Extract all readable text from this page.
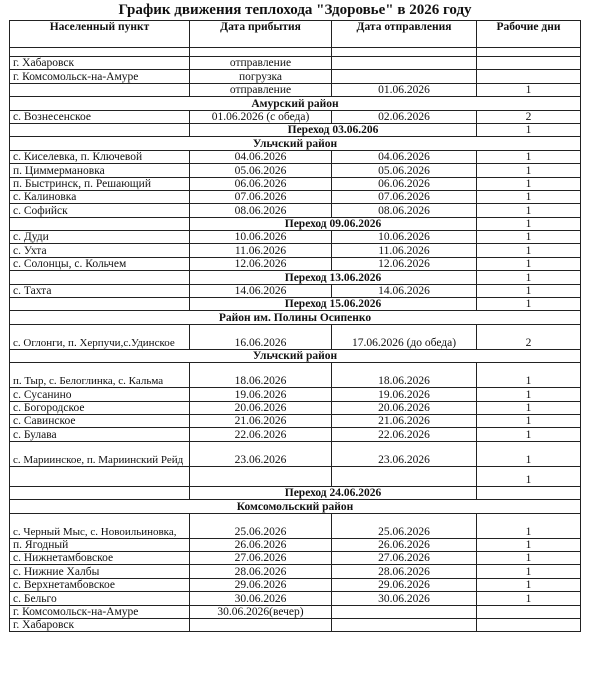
График движения теплохода "Здоровье" в 2026 году
Населенный пункт	Дата прибытия	Дата отправления	Рабочие дни

г. Хабаровск	отправление		
г. Комсомольск-на-Амуре	погрузка		
	отправление	01.06.2026	1
Амурский район			
с. Вознесенское	01.06.2026 (с обеда)	02.06.2026	2
	Переход 03.06.206		1
Ульчский район			
с. Киселевка, п. Ключевой	04.06.2026	04.06.2026	1
п. Циммермановка	05.06.2026	05.06.2026	1
п. Быстринск, п. Решающий	06.06.2026	06.06.2026	1
с. Калиновка	07.06.2026	07.06.2026	1
с. Софийск	08.06.2026	08.06.2026	1
	Переход 09.06.2026		1
с. Дуди	10.06.2026	10.06.2026	1
с. Ухта	11.06.2026	11.06.2026	1
с. Солонцы, с. Кольчем	12.06.2026	12.06.2026	1
	Переход 13.06.2026		1
с. Тахта	14.06.2026	14.06.2026	1
	Переход 15.06.2026		1
Район им. Полины Осипенко			
с. Оглонги, п. Херпучи,с.Удинское	16.06.2026	17.06.2026 (до обеда)	2
Ульчский район			
п. Тыр, с. Белоглинка, с. Кальма	18.06.2026	18.06.2026	1
с. Сусанино	19.06.2026	19.06.2026	1
с. Богородское	20.06.2026	20.06.2026	1
с. Савинское	21.06.2026	21.06.2026	1
с. Булава	22.06.2026	22.06.2026	1
с. Мариинское, п. Мариинский Рейд	23.06.2026	23.06.2026	1
			1
	Переход 24.06.2026		
Комсомольский район			
с. Черный Мыс, с. Новоильиновка,	25.06.2026	25.06.2026	1
п. Ягодный	26.06.2026	26.06.2026	1
с. Нижнетамбовское	27.06.2026	27.06.2026	1
с. Нижние Халбы	28.06.2026	28.06.2026	1
с. Верхнетамбовское	29.06.2026	29.06.2026	1
с. Бельго	30.06.2026	30.06.2026	1
г. Комсомольск-на-Амуре	30.06.2026(вечер)		
г. Хабаровск			
